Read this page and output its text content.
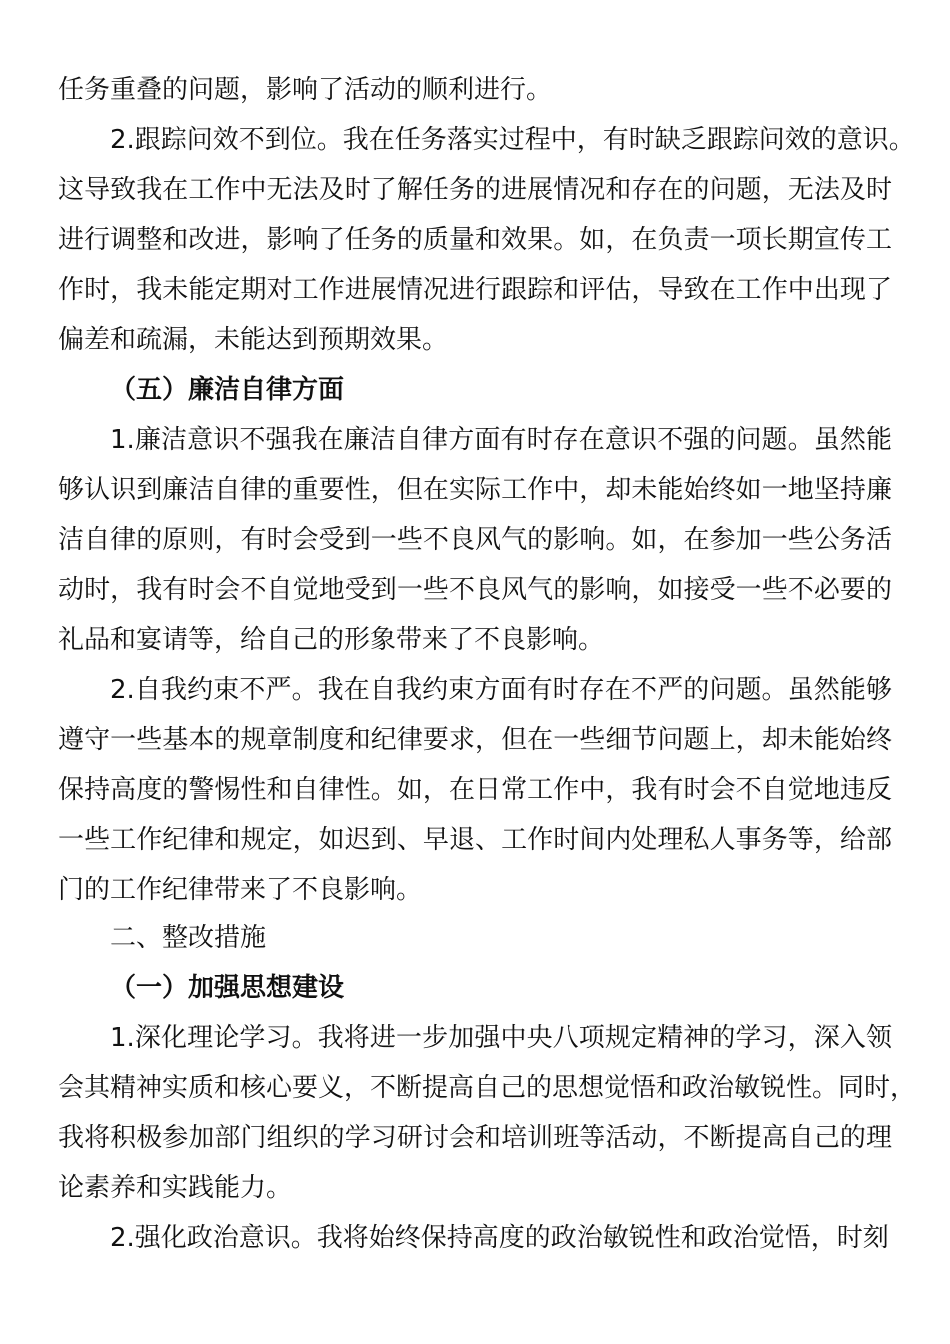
任务重叠的问题，影响了活动的顺利进行。
2.跟踪问效不到位。我在任务落实过程中，有时缺乏跟踪问效的意识。
这导致我在工作中无法及时了解任务的进展情况和存在的问题，无法及时
进行调整和改进，影响了任务的质量和效果。如，在负责一项长期宣传工
作时，我未能定期对工作进展情况进行跟踪和评估，导致在工作中出现了
偏差和疏漏，未能达到预期效果。
（五）廉洁自律方面
1.廉洁意识不强我在廉洁自律方面有时存在意识不强的问题。虽然能
够认识到廉洁自律的重要性，但在实际工作中，却未能始终如一地坚持廉
洁自律的原则，有时会受到一些不良风气的影响。如，在参加一些公务活
动时，我有时会不自觉地受到一些不良风气的影响，如接受一些不必要的
礼品和宴请等，给自己的形象带来了不良影响。
2.自我约束不严。我在自我约束方面有时存在不严的问题。虽然能够
遵守一些基本的规章制度和纪律要求，但在一些细节问题上，却未能始终
保持高度的警惕性和自律性。如，在日常工作中，我有时会不自觉地违反
一些工作纪律和规定，如迟到、早退、工作时间内处理私人事务等，给部
门的工作纪律带来了不良影响。
二、整改措施
（一）加强思想建设
1.深化理论学习。我将进一步加强中央八项规定精神的学习，深入领
会其精神实质和核心要义，不断提高自己的思想觉悟和政治敏锐性。同时，
我将积极参加部门组织的学习研讨会和培训班等活动，不断提高自己的理
论素养和实践能力。
2.强化政治意识。我将始终保持高度的政治敏锐性和政治觉悟，时刻
